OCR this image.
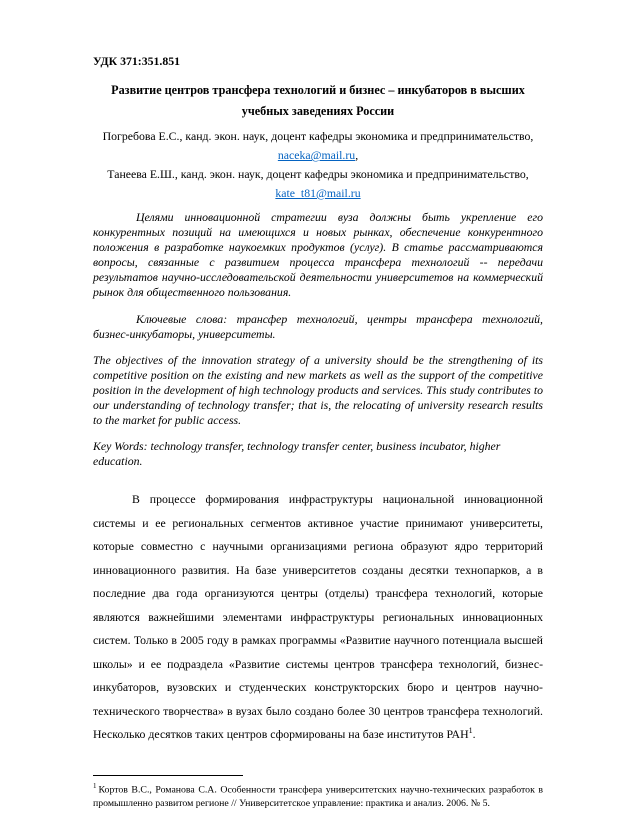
УДК 371:351.851

Развитие центров трансфера технологий и бизнес – инкубаторов в высших учебных заведениях России

Погребова Е.С., канд. экон. наук, доцент кафедры экономика и предпринимательство, naceka@mail.ru,

Танеева Е.Ш., канд. экон. наук, доцент кафедры экономика и предпринимательство, kate_t81@mail.ru

Целями инновационной стратегии вуза должны быть укрепление его конкурентных позиций на имеющихся и новых рынках, обеспечение конкурентного положения в разработке наукоемких продуктов (услуг). В статье рассматриваются вопросы, связанные с развитием процесса трансфера технологий -- передачи результатов научно-исследовательской деятельности университетов на коммерческий рынок для общественного пользования.

Ключевые слова: трансфер технологий, центры трансфера технологий, бизнес-инкубаторы, университеты.

The objectives of the innovation strategy of a university should be the strengthening of its competitive position on the existing and new markets as well as the support of the competitive position in the development of high technology products and services. This study contributes to our understanding of technology transfer; that is, the relocating of university research results to the market for public access.

Key Words: technology transfer, technology transfer center, business incubator, higher education.

В процессе формирования инфраструктуры национальной инновационной системы и ее региональных сегментов активное участие принимают университеты, которые совместно с научными организациями региона образуют ядро территорий инновационного развития. На базе университетов созданы десятки технопарков, а в последние два года организуются центры (отделы) трансфера технологий, которые являются важнейшими элементами инфраструктуры региональных инновационных систем. Только в 2005 году в рамках программы «Развитие научного потенциала высшей школы» и ее подраздела «Развитие системы центров трансфера технологий, бизнес-инкубаторов, вузовских и студенческих конструкторских бюро и центров научно-технического творчества» в вузах было создано более 30 центров трансфера технологий. Несколько десятков таких центров сформированы на базе институтов РАН$^1$.

$^1$ Кортов В.С., Романова С.А. Особенности трансфера университетских научно-технических разработок в промышленно развитом регионе // Университетское управление: практика и анализ. 2006. № 5.
